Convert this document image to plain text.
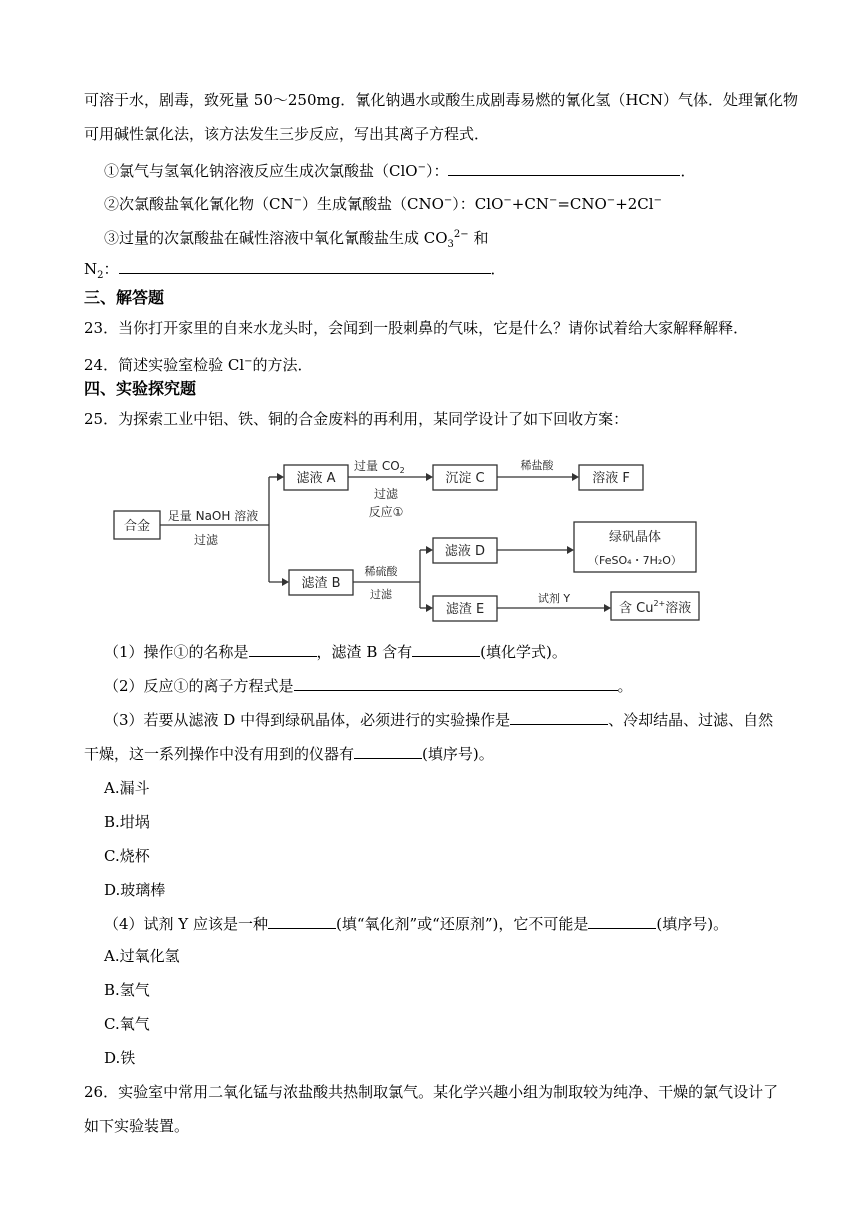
可溶于水，剧毒，致死量 50～250mg．氰化钠遇水或酸生成剧毒易燃的氰化氢（HCN）气体．处理氰化物
可用碱性氯化法，该方法发生三步反应，写出其离子方程式．
①氯气与氢氧化钠溶液反应生成次氯酸盐（ClO−）：	．
②次氯酸盐氧化氰化物（CN−）生成氰酸盐（CNO−）：ClO−+CN−=CNO−+2Cl−
③过量的次氯酸盐在碱性溶液中氧化氰酸盐生成 $CO_3^{2-}$ 和
$N_2$：	．
三、解答题
23．当你打开家里的自来水龙头时，会闻到一股刺鼻的气味，它是什么？请你试着给大家解释解释．
24．简述实验室检验 Cl−的方法．
四、实验探究题
25．为探索工业中铝、铁、铜的合金废料的再利用，某同学设计了如下回收方案：
合金
足量 NaOH 溶液
过滤
滤液 A
过量 $CO_2$
过滤
反应①
沉淀 C
稀盐酸
溶液 F
滤渣 B
稀硫酸
过滤
滤液 D
绿矾晶体
（FeSO₄・7H₂O）
滤渣 E
试剂 Y
含 $Cu^{2+}$溶液
（1）操作①的名称是	，滤渣 B 含有	(填化学式)。
（2）反应①的离子方程式是	。
（3）若要从滤液 D 中得到绿矾晶体，必须进行的实验操作是	、冷却结晶、过滤、自然
干燥，这一系列操作中没有用到的仪器有	(填序号)。
A.漏斗
B.坩埚
C.烧杯
D.玻璃棒
（4）试剂 Y 应该是一种	(填“氧化剂”或“还原剂”)，它不可能是	(填序号)。
A.过氧化氢
B.氢气
C.氧气
D.铁
26．实验室中常用二氧化锰与浓盐酸共热制取氯气。某化学兴趣小组为制取较为纯净、干燥的氯气设计了
如下实验装置。
